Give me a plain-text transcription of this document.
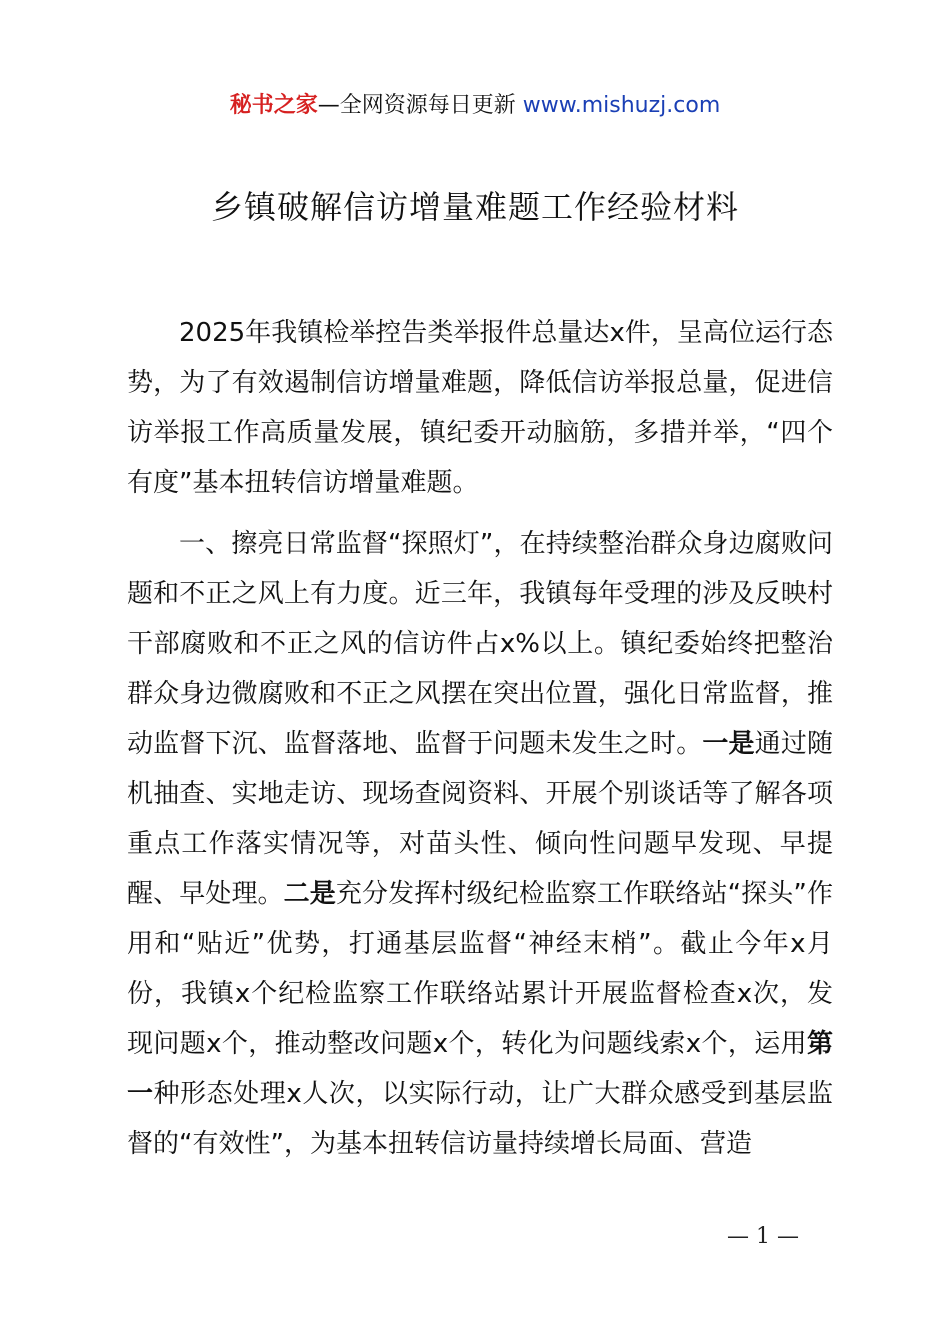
秘书之家—全网资源每日更新 www.mishuzj.com
乡镇破解信访增量难题工作经验材料

2025年我镇检举控告类举报件总量达x件，呈高位运行态势，为了有效遏制信访增量难题，降低信访举报总量，促进信访举报工作高质量发展，镇纪委开动脑筋，多措并举，“四个有度”基本扭转信访增量难题。

一、擦亮日常监督“探照灯”，在持续整治群众身边腐败问题和不正之风上有力度。近三年，我镇每年受理的涉及反映村干部腐败和不正之风的信访件占x%以上。镇纪委始终把整治群众身边微腐败和不正之风摆在突出位置，强化日常监督，推动监督下沉、监督落地、监督于问题未发生之时。一是通过随机抽查、实地走访、现场查阅资料、开展个别谈话等了解各项重点工作落实情况等，对苗头性、倾向性问题早发现、早提醒、早处理。二是充分发挥村级纪检监察工作联络站“探头”作用和“贴近”优势，打通基层监督“神经末梢”。截止今年x月份，我镇x个纪检监察工作联络站累计开展监督检查x次，发现问题x个，推动整改问题x个，转化为问题线索x个，运用第一种形态处理x人次，以实际行动，让广大群众感受到基层监督的“有效性”，为基本扭转信访量持续增长局面、营造

— 1 —
